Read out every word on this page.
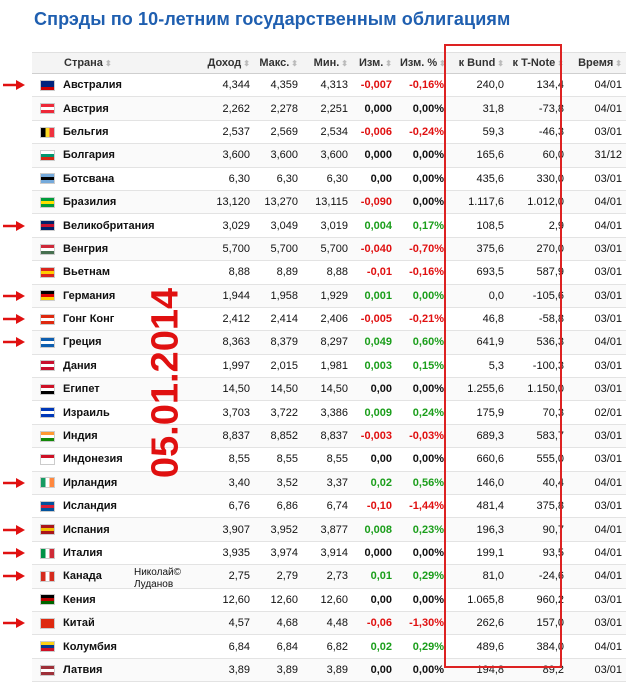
Спрэды по 10-летним государственным облигациям
Страна ⬍	Доход ⬍	Макс. ⬍	Мин. ⬍	Изм. ⬍	Изм. % ⬍	к Bund ⬍	к T-Note ⬍	Время ⬍
Австралия	4,344	4,359	4,313	-0,007	-0,16%	240,0	134,4	04/01
Австрия	2,262	2,278	2,251	0,000	0,00%	31,8	-73,8	04/01
Бельгия	2,537	2,569	2,534	-0,006	-0,24%	59,3	-46,3	03/01
Болгария	3,600	3,600	3,600	0,000	0,00%	165,6	60,0	31/12
Ботсвана	6,30	6,30	6,30	0,00	0,00%	435,6	330,0	03/01
Бразилия	13,120	13,270	13,115	-0,090	0,00%	1.117,6	1.012,0	04/01
Великобритания	3,029	3,049	3,019	0,004	0,17%	108,5	2,9	04/01
Венгрия	5,700	5,700	5,700	-0,040	-0,70%	375,6	270,0	03/01
Вьетнам	8,88	8,89	8,88	-0,01	-0,16%	693,5	587,9	03/01
Германия	1,944	1,958	1,929	0,001	0,00%	0,0	-105,6	03/01
Гонг Конг	2,412	2,414	2,406	-0,005	-0,21%	46,8	-58,8	03/01
Греция	8,363	8,379	8,297	0,049	0,60%	641,9	536,3	04/01
Дания	1,997	2,015	1,981	0,003	0,15%	5,3	-100,3	03/01
Египет	14,50	14,50	14,50	0,00	0,00%	1.255,6	1.150,0	03/01
Израиль	3,703	3,722	3,386	0,009	0,24%	175,9	70,3	02/01
Индия	8,837	8,852	8,837	-0,003	-0,03%	689,3	583,7	03/01
Индонезия	8,55	8,55	8,55	0,00	0,00%	660,6	555,0	03/01
Ирландия	3,40	3,52	3,37	0,02	0,56%	146,0	40,4	04/01
Исландия	6,76	6,86	6,74	-0,10	-1,44%	481,4	375,8	03/01
Испания	3,907	3,952	3,877	0,008	0,23%	196,3	90,7	04/01
Италия	3,935	3,974	3,914	0,000	0,00%	199,1	93,5	04/01
Канада	2,75	2,79	2,73	0,01	0,29%	81,0	-24,6	04/01
Кения	12,60	12,60	12,60	0,00	0,00%	1.065,8	960,2	03/01
Китай	4,57	4,68	4,48	-0,06	-1,30%	262,6	157,0	03/01
Колумбия	6,84	6,84	6,82	0,02	0,29%	489,6	384,0	04/01
Латвия	3,89	3,89	3,89	0,00	0,00%	194,8	89,2	03/01
05.01.2014
Николай©
Луданов
